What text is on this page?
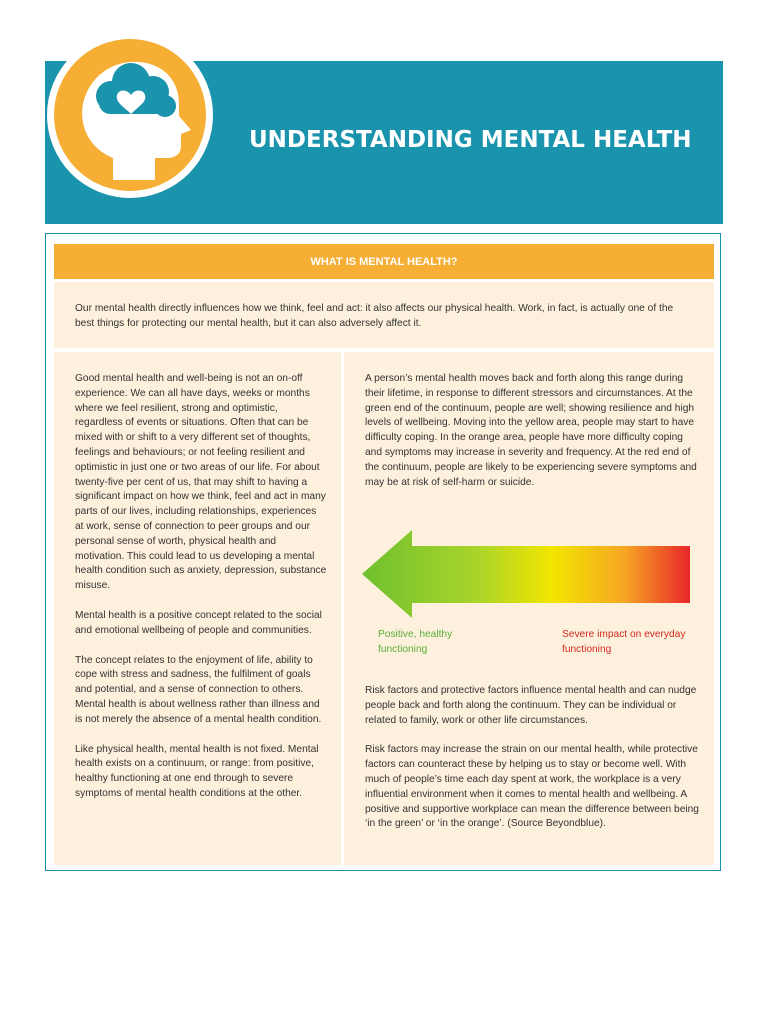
UNDERSTANDING MENTAL HEALTH
WHAT IS MENTAL HEALTH?
Our mental health directly influences how we think, feel and act: it also affects our physical health. Work, in fact, is actually one of the best things for protecting our mental health, but it can also adversely affect it.

Good mental health and well-being is not an on-off experience. We can all have days, weeks or months where we feel resilient, strong and optimistic, regardless of events or situations. Often that can be mixed with or shift to a very different set of thoughts, feelings and behaviours; or not feeling resilient and optimistic in just one or two areas of our life. For about twenty-five per cent of us, that may shift to having a significant impact on how we think, feel and act in many parts of our lives, including relationships, experiences at work, sense of connection to peer groups and our personal sense of worth, physical health and motivation. This could lead to us developing a mental health condition such as anxiety, depression, substance misuse.

Mental health is a positive concept related to the social and emotional wellbeing of people and communities.

The concept relates to the enjoyment of life, ability to cope with stress and sadness, the fulfilment of goals and potential, and a sense of connection to others. Mental health is about wellness rather than illness and is not merely the absence of a mental health condition.

Like physical health, mental health is not fixed. Mental health exists on a continuum, or range: from positive, healthy functioning at one end through to severe symptoms of mental health conditions at the other.

A person’s mental health moves back and forth along this range during their lifetime, in response to different stressors and circumstances. At the green end of the continuum, people are well; showing resilience and high levels of wellbeing. Moving into the yellow area, people may start to have difficulty coping. In the orange area, people have more difficulty coping and symptoms may increase in severity and frequency. At the red end of the continuum, people are likely to be experiencing severe symptoms and may be at risk of self-harm or suicide.

Risk factors and protective factors influence mental health and can nudge people back and forth along the continuum. They can be individual or related to family, work or other life circumstances.

Risk factors may increase the strain on our mental health, while protective factors can counteract these by helping us to stay or become well. With much of people’s time each day spent at work, the workplace is a very influential environment when it comes to mental health and wellbeing. A positive and supportive workplace can mean the difference between being ‘in the green’ or ‘in the orange’. (Source Beyondblue).

Positive, healthy functioning
Severe impact on everyday functioning
